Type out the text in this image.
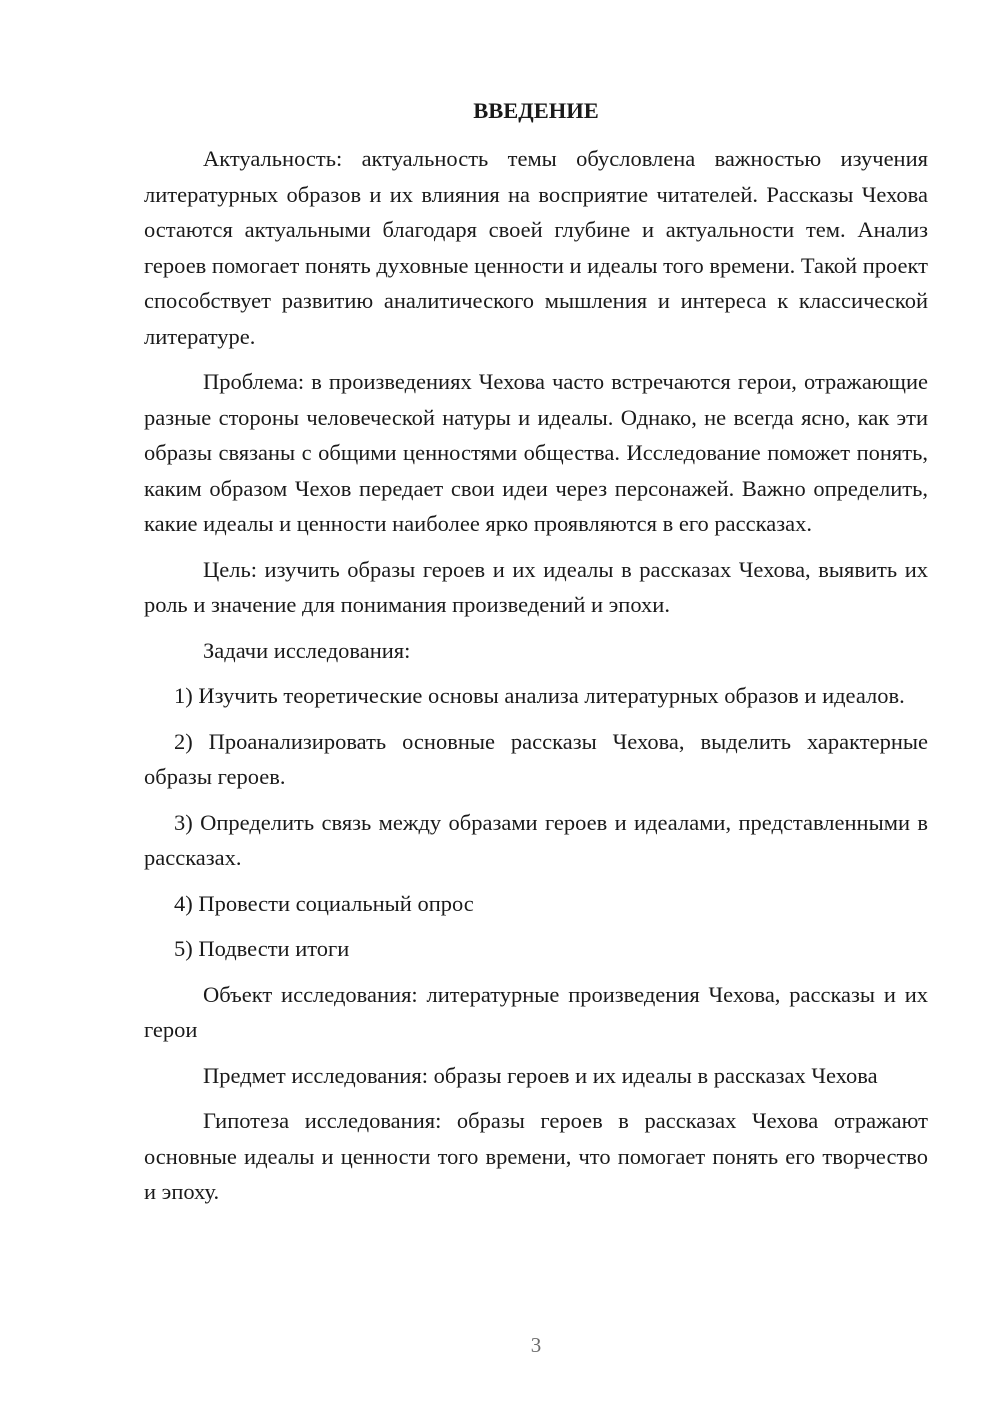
ВВЕДЕНИЕ

Актуальность: актуальность темы обусловлена важностью изучения литературных образов и их влияния на восприятие читателей. Рассказы Чехова остаются актуальными благодаря своей глубине и актуальности тем. Анализ героев помогает понять духовные ценности и идеалы того времени. Такой проект способствует развитию аналитического мышления и интереса к классической литературе.

Проблема: в произведениях Чехова часто встречаются герои, отражающие разные стороны человеческой натуры и идеалы. Однако, не всегда ясно, как эти образы связаны с общими ценностями общества. Исследование поможет понять, каким образом Чехов передает свои идеи через персонажей. Важно определить, какие идеалы и ценности наиболее ярко проявляются в его рассказах.

Цель: изучить образы героев и их идеалы в рассказах Чехова, выявить их роль и значение для понимания произведений и эпохи.

Задачи исследования:

1) Изучить теоретические основы анализа литературных образов и идеалов.

2) Проанализировать основные рассказы Чехова, выделить характерные образы героев.

3) Определить связь между образами героев и идеалами, представленными в рассказах.

4) Провести социальный опрос

5) Подвести итоги

Объект исследования: литературные произведения Чехова, рассказы и их герои

Предмет исследования: образы героев и их идеалы в рассказах Чехова

Гипотеза исследования: образы героев в рассказах Чехова отражают основные идеалы и ценности того времени, что помогает понять его творчество и эпоху.

3
